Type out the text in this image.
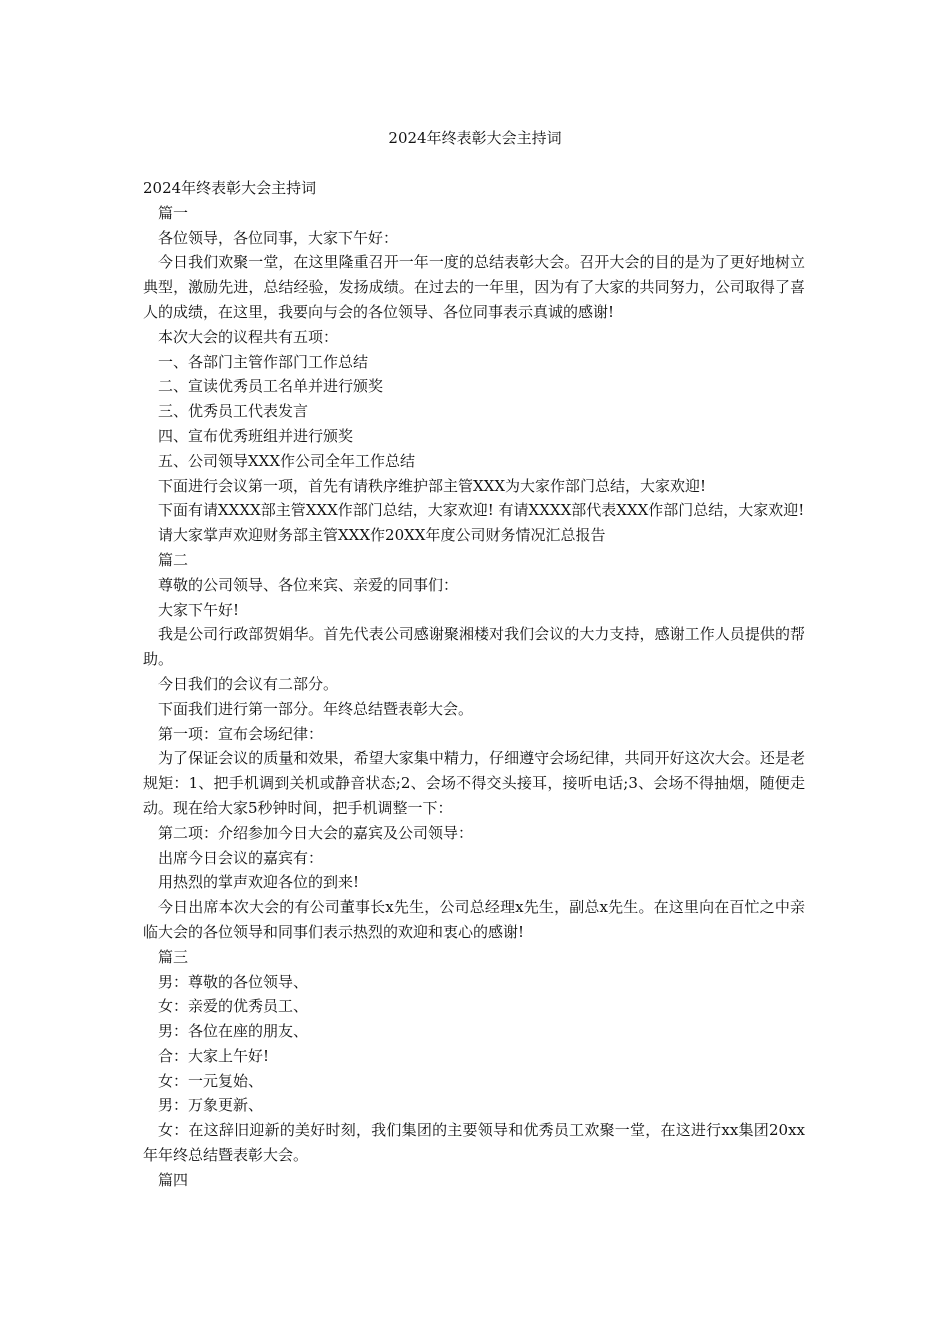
2024年终表彰大会主持词

2024年终表彰大会主持词

篇一

各位领导，各位同事，大家下午好：

今日我们欢聚一堂，在这里隆重召开一年一度的总结表彰大会。召开大会的目的是为了更好地树立典型，激励先进，总结经验，发扬成绩。在过去的一年里，因为有了大家的共同努力，公司取得了喜人的成绩，在这里，我要向与会的各位领导、各位同事表示真诚的感谢!

本次大会的议程共有五项：

一、各部门主管作部门工作总结

二、宣读优秀员工名单并进行颁奖

三、优秀员工代表发言

四、宣布优秀班组并进行颁奖

五、公司领导XXX作公司全年工作总结

下面进行会议第一项，首先有请秩序维护部主管XXX为大家作部门总结，大家欢迎!

下面有请XXXX部主管XXX作部门总结，大家欢迎! 有请XXXX部代表XXX作部门总结，大家欢迎!

请大家掌声欢迎财务部主管XXX作20XX年度公司财务情况汇总报告

篇二

尊敬的公司领导、各位来宾、亲爱的同事们：

大家下午好!

我是公司行政部贺娟华。首先代表公司感谢聚湘楼对我们会议的大力支持，感谢工作人员提供的帮助。

今日我们的会议有二部分。

下面我们进行第一部分。年终总结暨表彰大会。

第一项：宣布会场纪律：

为了保证会议的质量和效果，希望大家集中精力，仔细遵守会场纪律，共同开好这次大会。还是老规矩：1、把手机调到关机或静音状态;2、会场不得交头接耳，接听电话;3、会场不得抽烟，随便走动。现在给大家5秒钟时间，把手机调整一下：

第二项：介绍参加今日大会的嘉宾及公司领导：

出席今日会议的嘉宾有：

用热烈的掌声欢迎各位的到来!

今日出席本次大会的有公司董事长x先生，公司总经理x先生，副总x先生。在这里向在百忙之中亲临大会的各位领导和同事们表示热烈的欢迎和衷心的感谢!

篇三

男：尊敬的各位领导、

女：亲爱的优秀员工、

男：各位在座的朋友、

合：大家上午好!

女：一元复始、

男：万象更新、

女：在这辞旧迎新的美好时刻，我们集团的主要领导和优秀员工欢聚一堂，在这进行xx集团20xx年年终总结暨表彰大会。

篇四
